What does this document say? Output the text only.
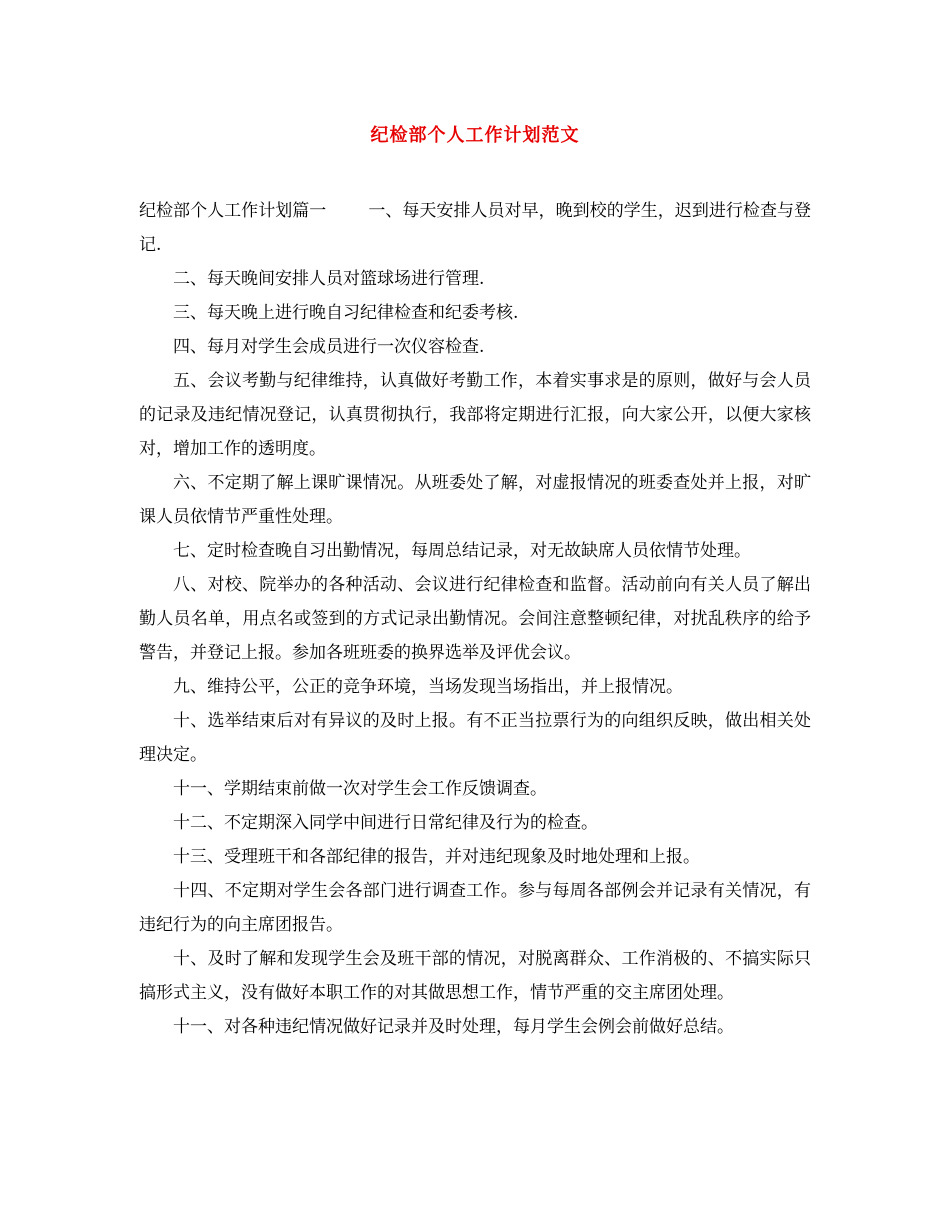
纪检部个人工作计划范文

纪检部个人工作计划篇一 一、每天安排人员对早，晚到校的学生，迟到进行检查与登记.

二、每天晚间安排人员对篮球场进行管理.

三、每天晚上进行晚自习纪律检查和纪委考核.

四、每月对学生会成员进行一次仪容检查.

五、会议考勤与纪律维持，认真做好考勤工作，本着实事求是的原则，做好与会人员的记录及违纪情况登记，认真贯彻执行，我部将定期进行汇报，向大家公开，以便大家核对，增加工作的透明度。

六、不定期了解上课旷课情况。从班委处了解，对虚报情况的班委查处并上报，对旷课人员依情节严重性处理。

七、定时检查晚自习出勤情况，每周总结记录，对无故缺席人员依情节处理。

八、对校、院举办的各种活动、会议进行纪律检查和监督。活动前向有关人员了解出勤人员名单，用点名或签到的方式记录出勤情况。会间注意整顿纪律，对扰乱秩序的给予警告，并登记上报。参加各班班委的换界选举及评优会议。

九、维持公平，公正的竞争环境，当场发现当场指出，并上报情况。

十、选举结束后对有异议的及时上报。有不正当拉票行为的向组织反映，做出相关处理决定。

十一、学期结束前做一次对学生会工作反馈调查。

十二、不定期深入同学中间进行日常纪律及行为的检查。

十三、受理班干和各部纪律的报告，并对违纪现象及时地处理和上报。

十四、不定期对学生会各部门进行调查工作。参与每周各部例会并记录有关情况，有违纪行为的向主席团报告。

十、及时了解和发现学生会及班干部的情况，对脱离群众、工作消极的、不搞实际只搞形式主义，没有做好本职工作的对其做思想工作，情节严重的交主席团处理。

十一、对各种违纪情况做好记录并及时处理，每月学生会例会前做好总结。
